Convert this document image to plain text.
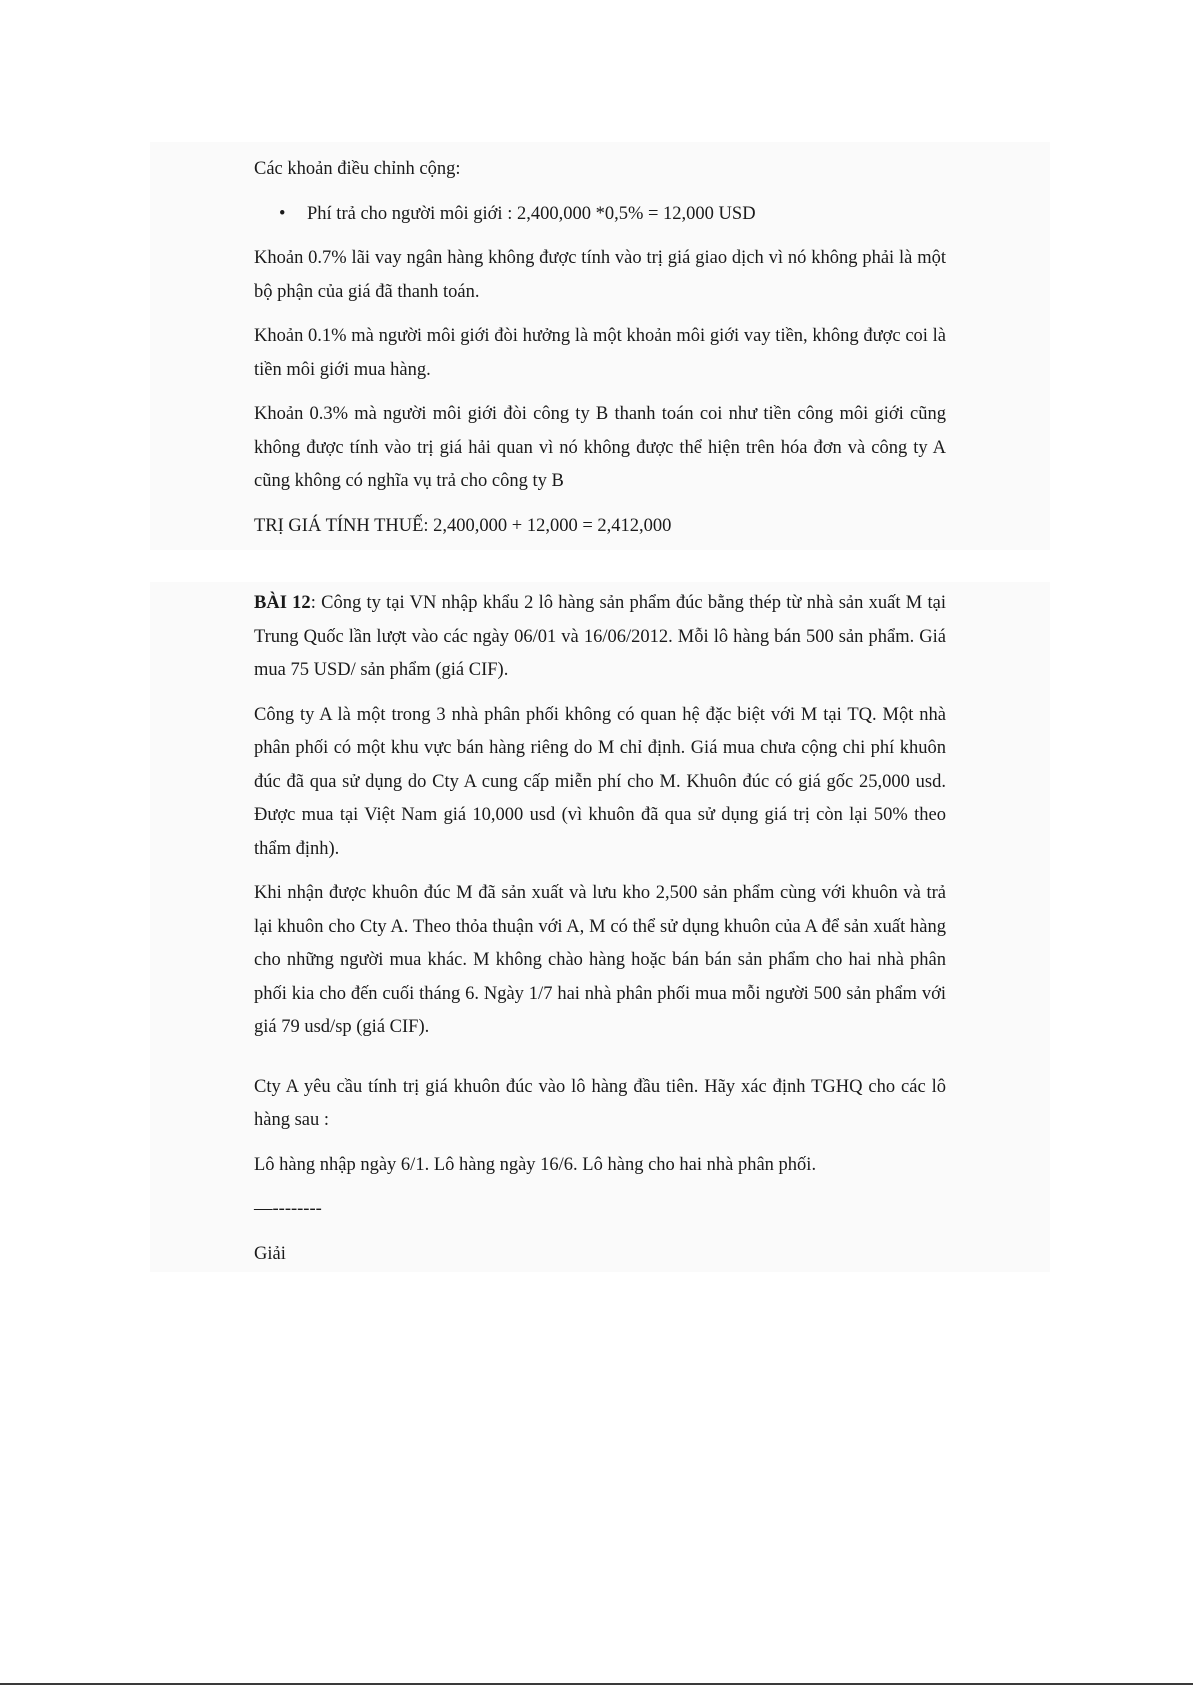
Các khoản điều chỉnh cộng:

• Phí trả cho người môi giới : 2,400,000 *0,5% = 12,000 USD

Khoản 0.7% lãi vay ngân hàng không được tính vào trị giá giao dịch vì nó không phải là một bộ phận của giá đã thanh toán.

Khoản 0.1% mà người môi giới đòi hưởng là một khoản môi giới vay tiền, không được coi là tiền môi giới mua hàng.

Khoản 0.3% mà người môi giới đòi công ty B thanh toán coi như tiền công môi giới cũng không được tính vào trị giá hải quan vì nó không được thể hiện trên hóa đơn và công ty A cũng không có nghĩa vụ trả cho công ty B

TRỊ GIÁ TÍNH THUẾ: 2,400,000 + 12,000 = 2,412,000

BÀI 12: Công ty tại VN nhập khẩu 2 lô hàng sản phẩm đúc bằng thép từ nhà sản xuất M tại Trung Quốc lần lượt vào các ngày 06/01 và 16/06/2012. Mỗi lô hàng bán 500 sản phẩm. Giá mua 75 USD/ sản phẩm (giá CIF).

Công ty A là một trong 3 nhà phân phối không có quan hệ đặc biệt với M tại TQ. Một nhà phân phối có một khu vực bán hàng riêng do M chỉ định. Giá mua chưa cộng chi phí khuôn đúc đã qua sử dụng do Cty A cung cấp miễn phí cho M. Khuôn đúc có giá gốc 25,000 usd. Được mua tại Việt Nam giá 10,000 usd (vì khuôn đã qua sử dụng giá trị còn lại 50% theo thẩm định).

Khi nhận được khuôn đúc M đã sản xuất và lưu kho 2,500 sản phẩm cùng với khuôn và trả lại khuôn cho Cty A. Theo thỏa thuận với A, M có thể sử dụng khuôn của A để sản xuất hàng cho những người mua khác. M không chào hàng hoặc bán bán sản phẩm cho hai nhà phân phối kia cho đến cuối tháng 6. Ngày 1/7 hai nhà phân phối mua mỗi người 500 sản phẩm với giá 79 usd/sp (giá CIF).

Cty A yêu cầu tính trị giá khuôn đúc vào lô hàng đầu tiên. Hãy xác định TGHQ cho các lô hàng sau :

Lô hàng nhập ngày 6/1. Lô hàng ngày 16/6. Lô hàng cho hai nhà phân phối.

—--------

Giải
